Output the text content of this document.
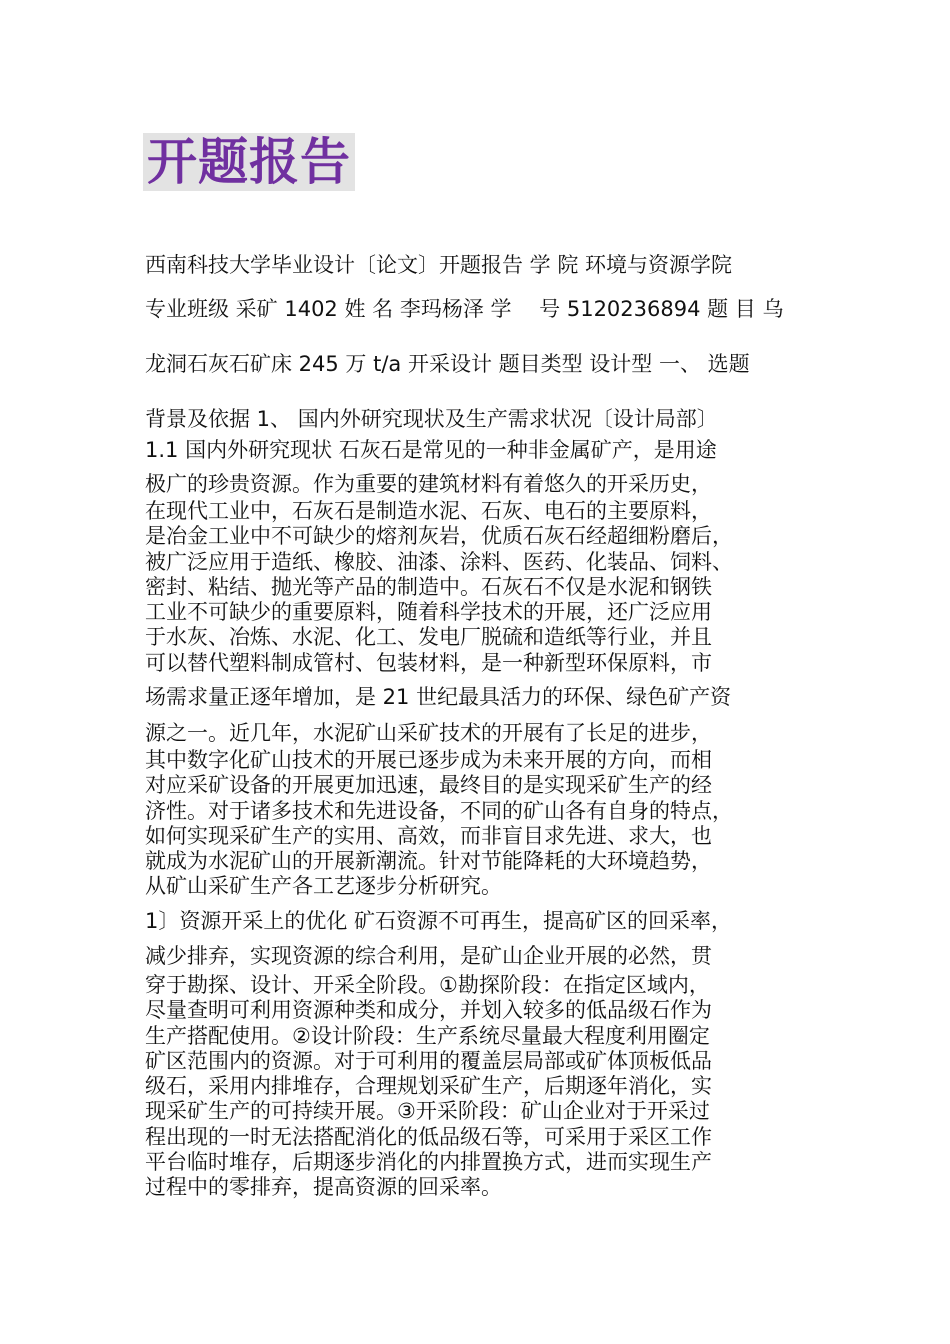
开题报告
西南科技大学毕业设计〔论文〕开题报告 学 院 环境与资源学院
专业班级 采矿 1402 姓 名 李玛杨泽 学　 号 5120236894 题 目 乌
龙洞石灰石矿床 245 万 t/a 开采设计 题目类型 设计型 一、 选题
背景及依据 1、 国内外研究现状及生产需求状况〔设计局部〕
1.1 国内外研究现状 石灰石是常见的一种非金属矿产，是用途
极广的珍贵资源。作为重要的建筑材料有着悠久的开采历史，
在现代工业中，石灰石是制造水泥、石灰、电石的主要原料，
是冶金工业中不可缺少的熔剂灰岩，优质石灰石经超细粉磨后，
被广泛应用于造纸、橡胶、油漆、涂料、医药、化装品、饲料、
密封、粘结、抛光等产品的制造中。石灰石不仅是水泥和钢铁
工业不可缺少的重要原料，随着科学技术的开展，还广泛应用
于水灰、冶炼、水泥、化工、发电厂脱硫和造纸等行业，并且
可以替代塑料制成管村、包装材料，是一种新型环保原料，市
场需求量正逐年增加，是 21 世纪最具活力的环保、绿色矿产资
源之一。近几年，水泥矿山采矿技术的开展有了长足的进步，
其中数字化矿山技术的开展已逐步成为未来开展的方向，而相
对应采矿设备的开展更加迅速，最终目的是实现采矿生产的经
济性。对于诸多技术和先进设备，不同的矿山各有自身的特点，
如何实现采矿生产的实用、高效，而非盲目求先进、求大，也
就成为水泥矿山的开展新潮流。针对节能降耗的大环境趋势，
从矿山采矿生产各工艺逐步分析研究。
1〕资源开采上的优化 矿石资源不可再生，提高矿区的回采率，
减少排弃，实现资源的综合利用，是矿山企业开展的必然，贯
穿于勘探、设计、开采全阶段。①勘探阶段：在指定区域内，
尽量查明可利用资源种类和成分，并划入较多的低品级石作为
生产搭配使用。②设计阶段：生产系统尽量最大程度利用圈定
矿区范围内的资源。对于可利用的覆盖层局部或矿体顶板低品
级石，采用内排堆存，合理规划采矿生产，后期逐年消化，实
现采矿生产的可持续开展。③开采阶段：矿山企业对于开采过
程出现的一时无法搭配消化的低品级石等，可采用于采区工作
平台临时堆存，后期逐步消化的内排置换方式，进而实现生产
过程中的零排弃，提高资源的回采率。
